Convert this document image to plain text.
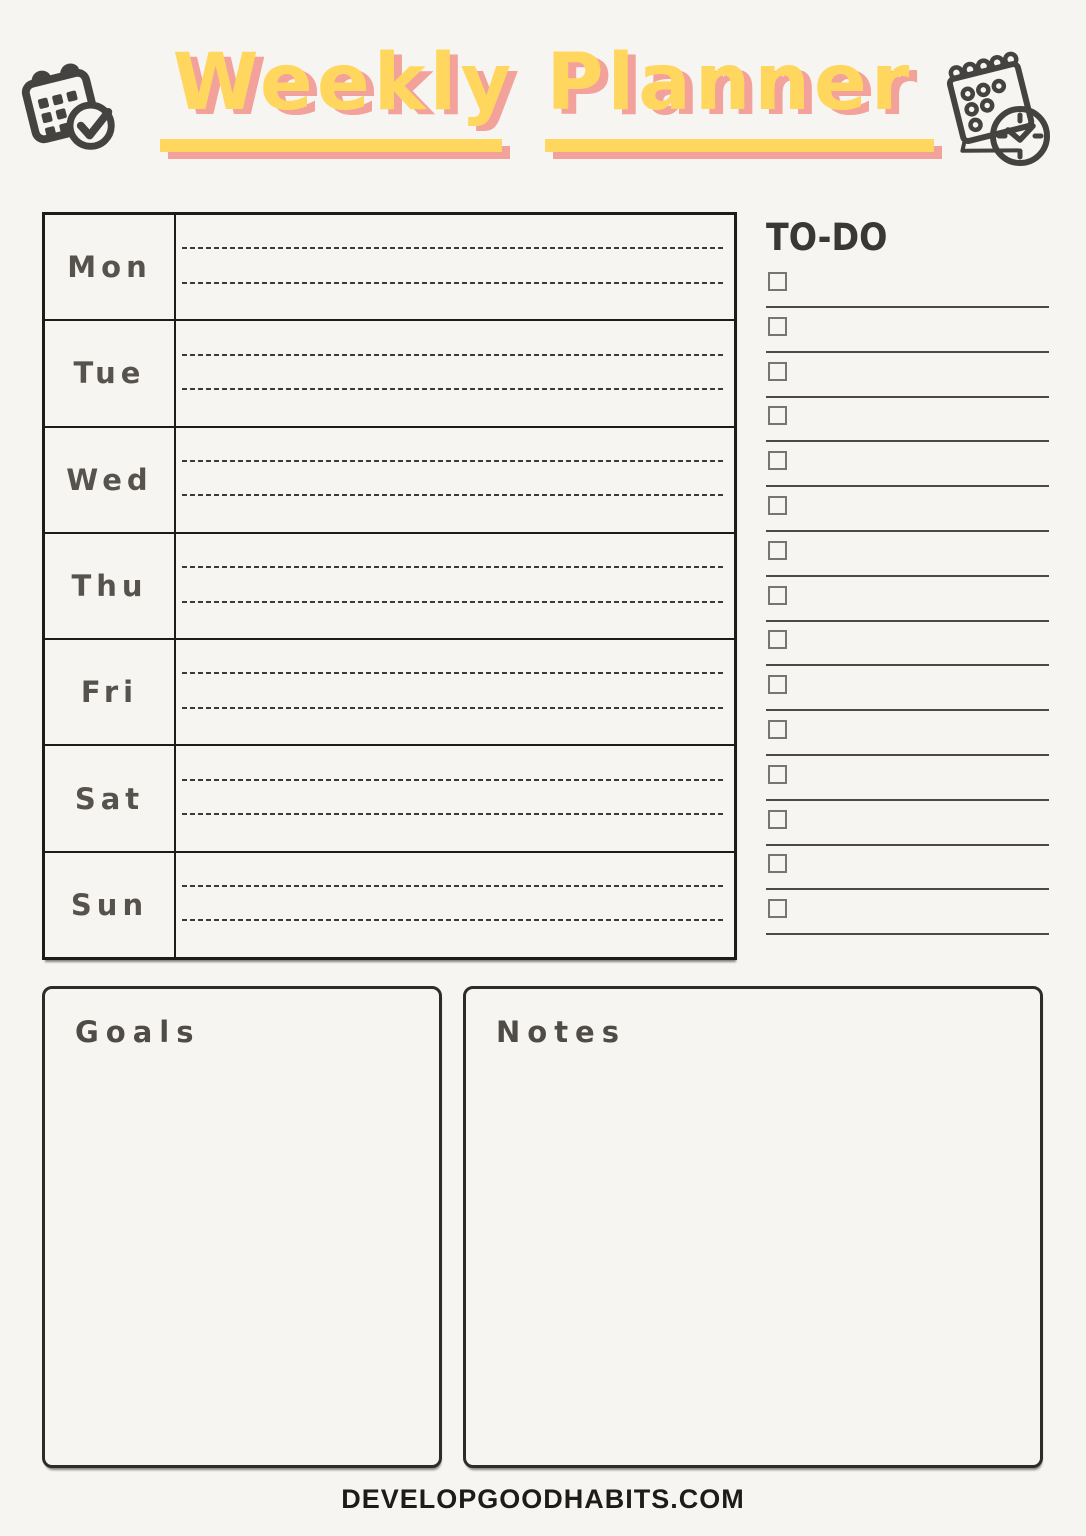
Weekly Planner
Mon
Tue
Wed
Thu
Fri
Sat
Sun
TO-DO
Goals	Notes
DEVELOPGOODHABITS.COM
